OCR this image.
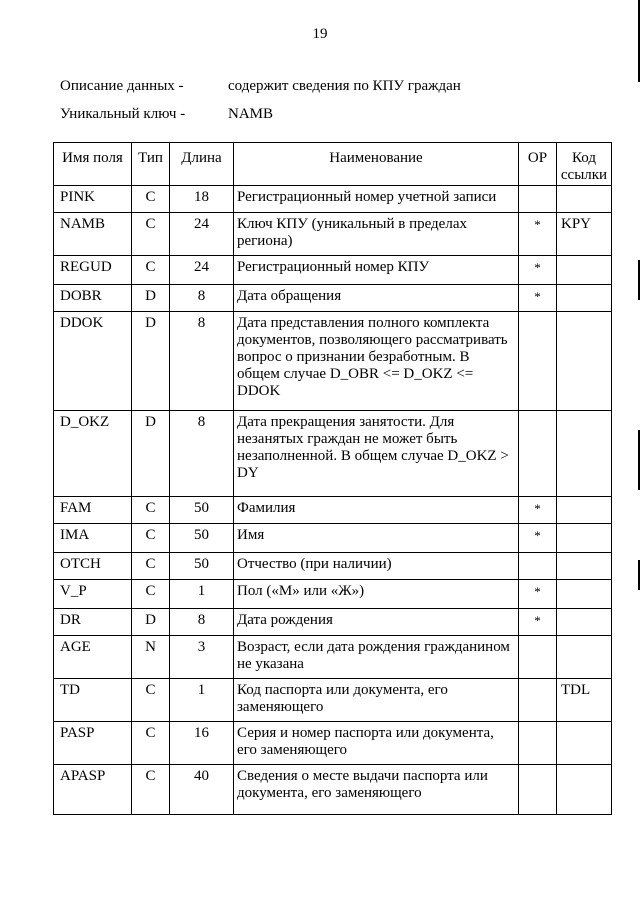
19
Описание данных -	содержит сведения по КПУ граждан
Уникальный ключ -	NAMB
Имя поля	Тип	Длина	Наименование	ОР	Код ссылки
PINK	С	18	Регистрационный номер учетной записи		
NAMB	С	24	Ключ КПУ (уникальный в пределах региона)	*	KPY
REGUD	С	24	Регистрационный номер КПУ	*	
DOBR	D	8	Дата обращения	*	
DDOK	D	8	Дата представления полного комплекта документов, позволяющего рассматривать вопрос о признании безработным. В общем случае D_OBR <= D_OKZ <= DDOK		
D_OKZ	D	8	Дата прекращения занятости. Для незанятых граждан не может быть незаполненной. В общем случае D_OKZ > DY		
FAM	С	50	Фамилия	*	
IMA	С	50	Имя	*	
OTCH	С	50	Отчество (при наличии)		
V_P	С	1	Пол («М» или «Ж»)	*	
DR	D	8	Дата рождения	*	
AGE	N	3	Возраст, если дата рождения гражданином не указана		
TD	С	1	Код паспорта или документа, его заменяющего		TDL
PASP	С	16	Серия и номер паспорта или документа, его заменяющего		
APASP	С	40	Сведения о месте выдачи паспорта или документа, его заменяющего		
